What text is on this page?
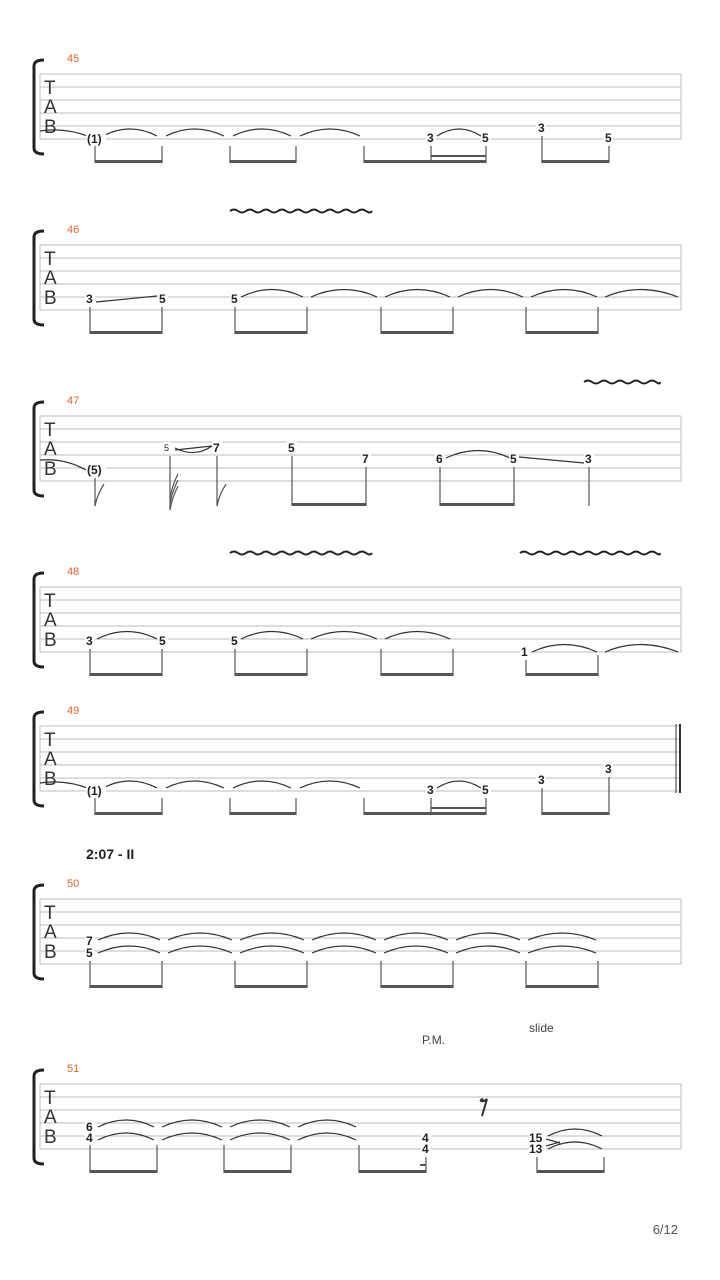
T
A
B
45
(1)	3	5
3
5
T
A
B
46
3	5	5
T
A
B
47
(5)
5	7	5
7	6	5	3
T
A
B
48
3	5	5
1
T
A
B
49
(1)	3	5
3
3
2:07 - II
T
A
B
50
7
5
slide
P.M.
T
A
B
51
6
4	4
4
15
13
6/12
